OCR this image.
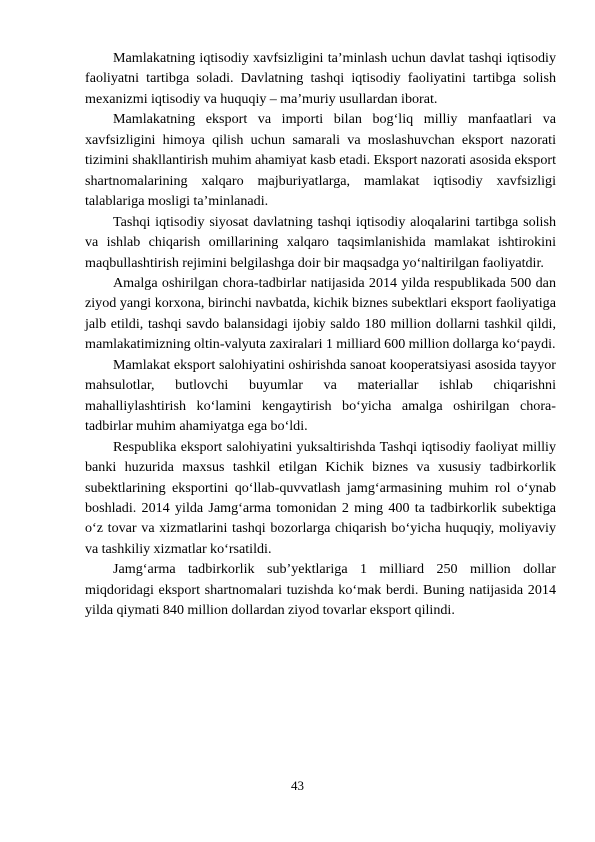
Mamlakatning iqtisodiy xavfsizligini taʼminlash uchun davlat tashqi iqtisodiy faoliyatni tartibga soladi. Davlatning tashqi iqtisodiy faoliyatini tartibga solish mexanizmi iqtisodiy va huquqiy – maʼmuriy usullardan iborat.

Mamlakatning eksport va importi bilan bog‘liq milliy manfaatlari va xavfsizligini himoya qilish uchun samarali va moslashuvchan eksport nazorati tizimini shakllantirish muhim ahamiyat kasb etadi. Eksport nazorati asosida eksport shartnomalarining xalqaro majburiyatlarga, mamlakat iqtisodiy xavfsizligi talablariga mosligi taʼminlanadi.

Tashqi iqtisodiy siyosat davlatning tashqi iqtisodiy aloqalarini tartibga solish va ishlab chiqarish omillarining xalqaro taqsimlanishida mamlakat ishtirokini maqbullashtirish rejimini belgilashga doir bir maqsadga yo‘naltirilgan faoliyatdir.

Amalga oshirilgan chora-tadbirlar natijasida 2014 yilda respublikada 500 dan ziyod yangi korxona, birinchi navbatda, kichik biznes subektlari eksport faoliyatiga jalb etildi, tashqi savdo balansidagi ijobiy saldo 180 million dollarni tashkil qildi, mamlakatimizning oltin-valyuta zaxiralari 1 milliard 600 million dollarga ko‘paydi.

Mamlakat eksport salohiyatini oshirishda sanoat kooperatsiyasi asosida tayyor mahsulotlar, butlovchi buyumlar va materiallar ishlab chiqarishni mahalliylashtirish ko‘lamini kengaytirish bo‘yicha amalga oshirilgan chora-tadbirlar muhim ahamiyatga ega bo‘ldi.

Respublika eksport salohiyatini yuksaltirishda Tashqi iqtisodiy faoliyat milliy banki huzurida maxsus tashkil etilgan Kichik biznes va xususiy tadbirkorlik subektlarining eksportini qo‘llab-quvvatlash jamg‘armasining muhim rol o‘ynab boshladi. 2014 yilda Jamg‘arma tomonidan 2 ming 400 ta tadbirkorlik subektiga o‘z tovar va xizmatlarini tashqi bozorlarga chiqarish bo‘yicha huquqiy, moliyaviy va tashkiliy xizmatlar ko‘rsatildi.

Jamg‘arma tadbirkorlik subʼyektlariga 1 milliard 250 million dollar miqdoridagi eksport shartnomalari tuzishda ko‘mak berdi. Buning natijasida 2014 yilda qiymati 840 million dollardan ziyod tovarlar eksport qilindi.

43
